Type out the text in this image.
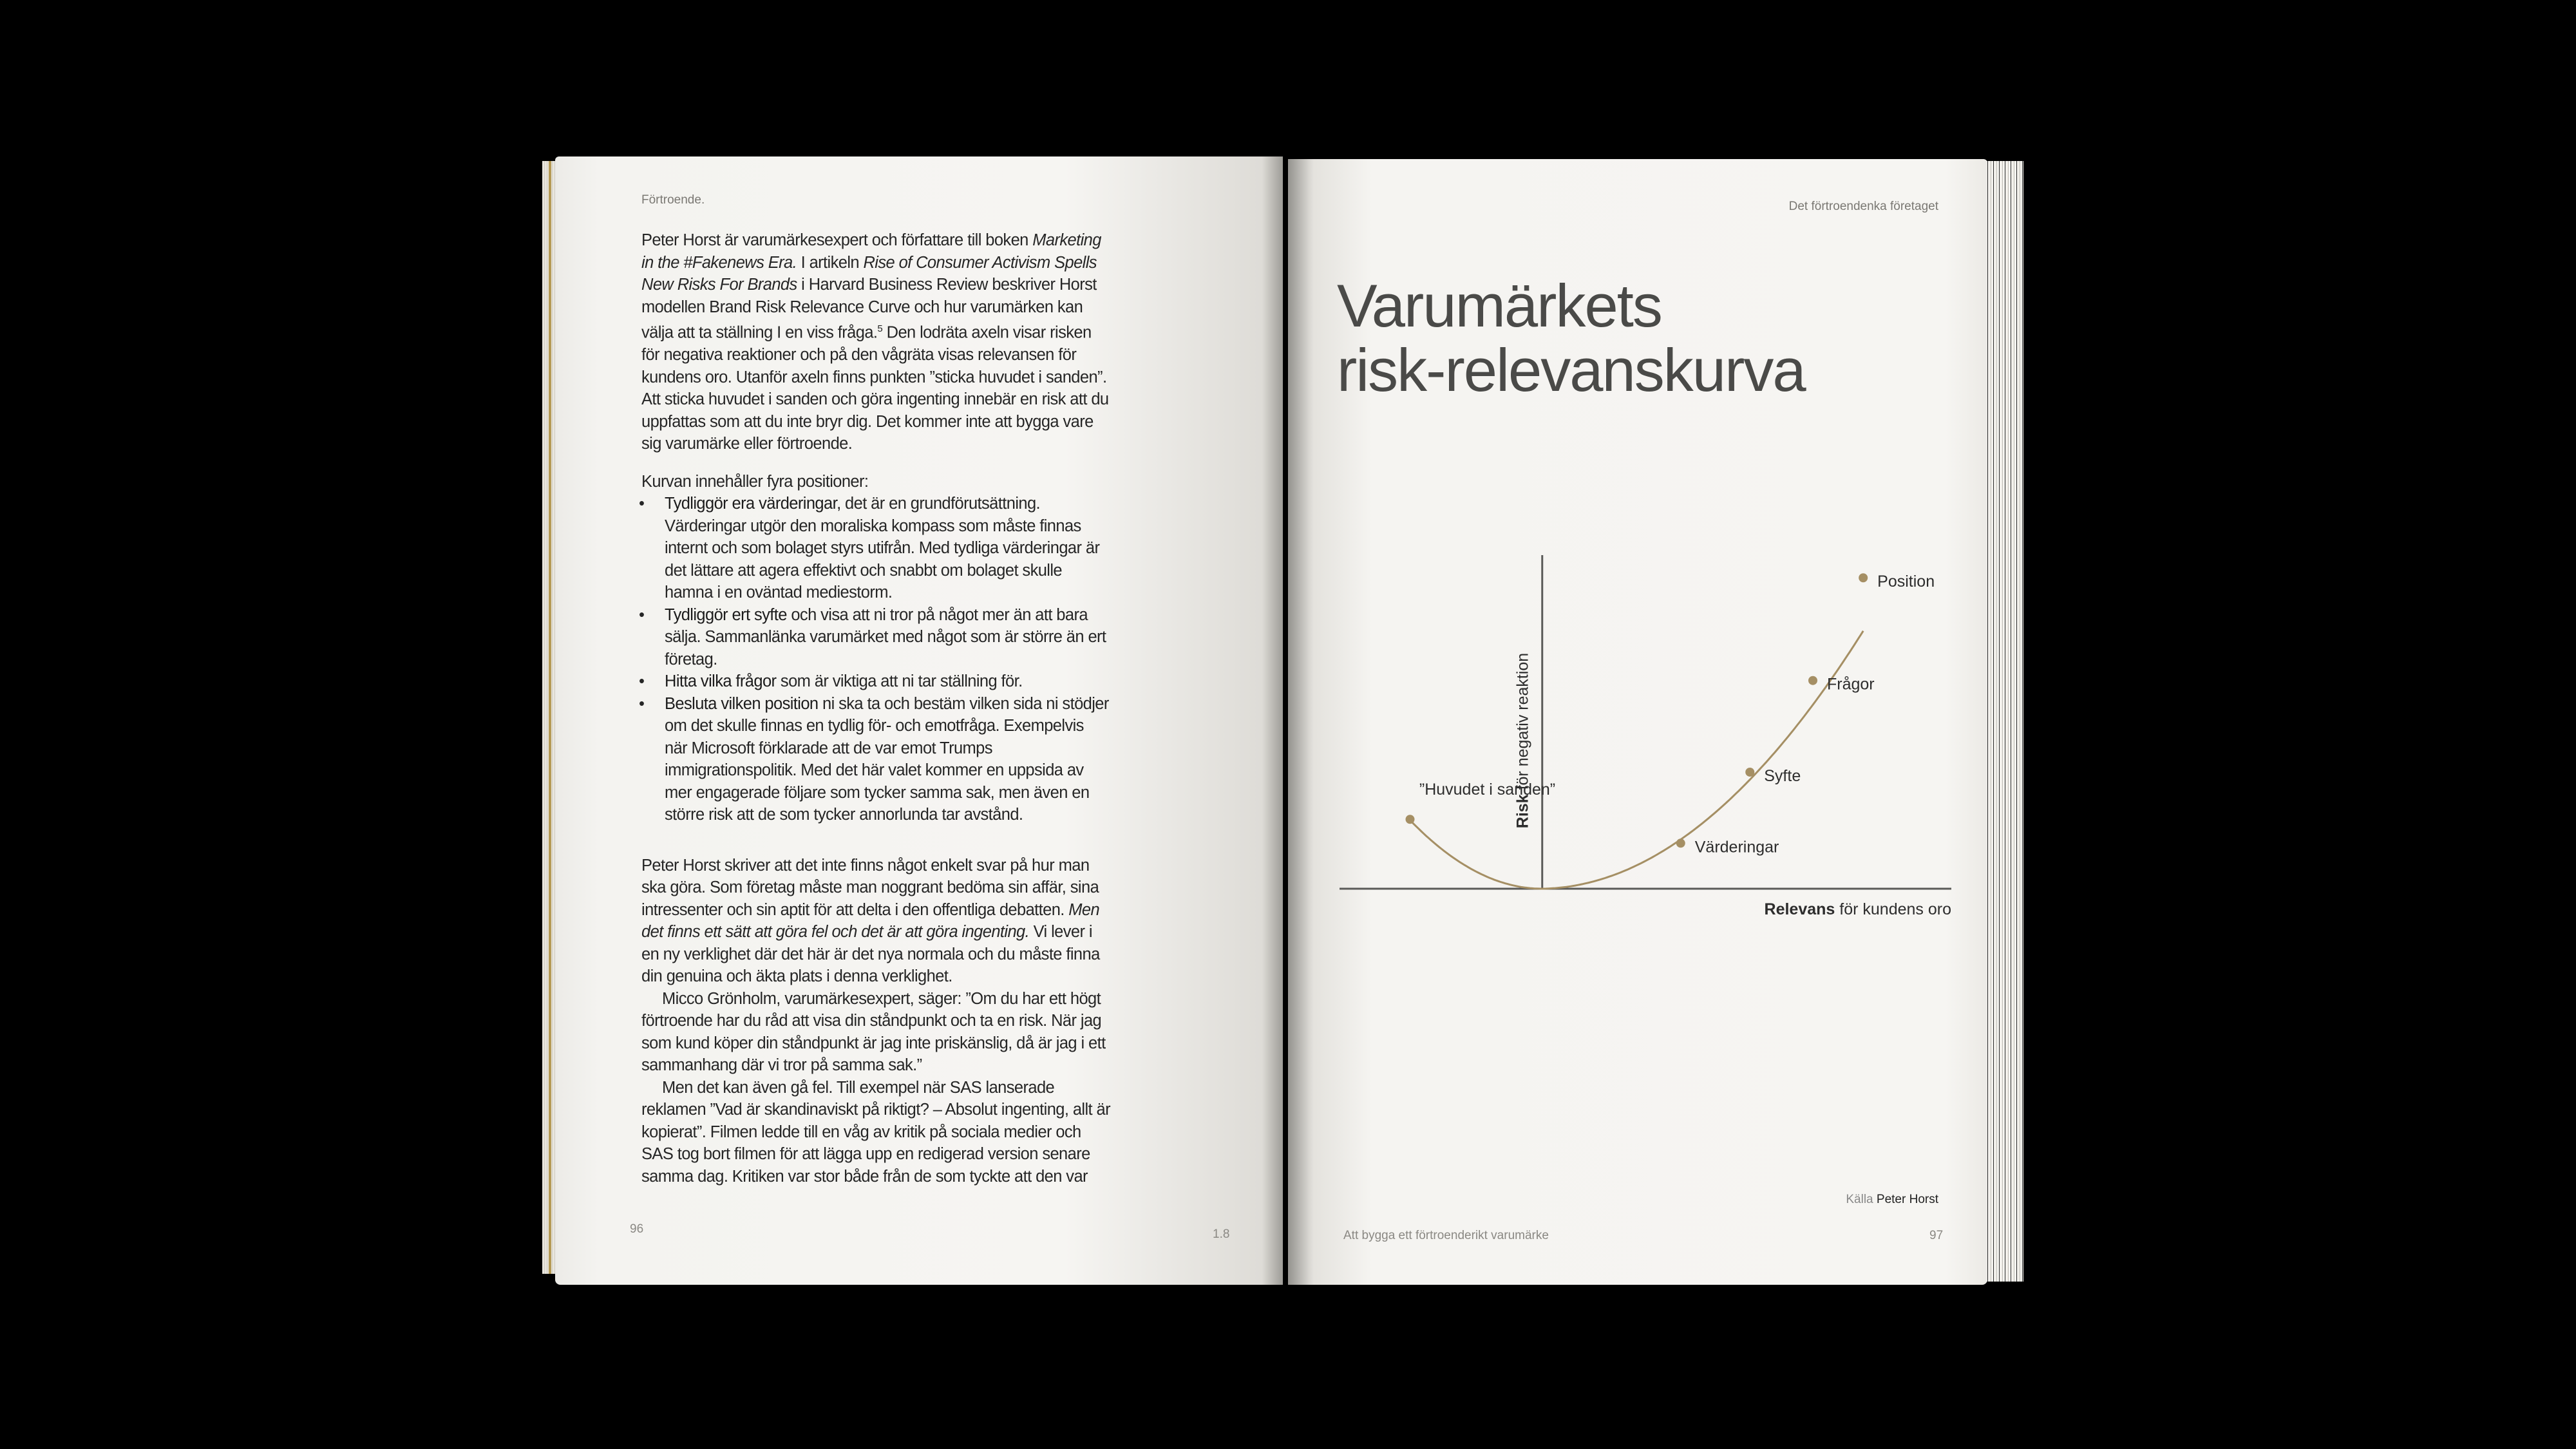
Förtroende.

Peter Horst är varumärkesexpert och författare till boken Marketing in the #Fakenews Era. I artikeln Rise of Consumer Activism Spells New Risks For Brands i Harvard Business Review beskriver Horst modellen Brand Risk Relevance Curve och hur varumärken kan välja att ta ställning I en viss fråga.$^5$ Den lodräta axeln visar risken för negativa reaktioner och på den vågräta visas relevansen för kundens oro. Utanför axeln finns punkten ”sticka huvudet i sanden”. Att sticka huvudet i sanden och göra ingenting innebär en risk att du uppfattas som att du inte bryr dig. Det kommer inte att bygga vare sig varumärke eller förtroende.

Kurvan innehåller fyra positioner:

• Tydliggör era värderingar, det är en grundförutsättning. Värderingar utgör den moraliska kompass som måste finnas internt och som bolaget styrs utifrån. Med tydliga värderingar är det lättare att agera effektivt och snabbt om bolaget skulle hamna i en oväntad mediestorm.
• Tydliggör ert syfte och visa att ni tror på något mer än att bara sälja. Sammanlänka varumärket med något som är större än ert företag.
• Hitta vilka frågor som är viktiga att ni tar ställning för.
• Besluta vilken position ni ska ta och bestäm vilken sida ni stödjer om det skulle finnas en tydlig för- och emotfråga. Exempelvis när Microsoft förklarade att de var emot Trumps immigrationspolitik. Med det här valet kommer en uppsida av mer engagerade följare som tycker samma sak, men även en större risk att de som tycker annorlunda tar avstånd.

Peter Horst skriver att det inte finns något enkelt svar på hur man ska göra. Som företag måste man noggrant bedöma sin affär, sina intressenter och sin aptit för att delta i den offentliga debatten. Men det finns ett sätt att göra fel och det är att göra ingenting. Vi lever i en ny verklighet där det här är det nya normala och du måste finna din genuina och äkta plats i denna verklighet.

Micco Grönholm, varumärkesexpert, säger: ”Om du har ett högt förtroende har du råd att visa din ståndpunkt och ta en risk. När jag som kund köper din ståndpunkt är jag inte priskänslig, då är jag i ett sammanhang där vi tror på samma sak.”

Men det kan även gå fel. Till exempel när SAS lanserade reklamen ”Vad är skandinaviskt på riktigt? – Absolut ingenting, allt är kopierat”. Filmen ledde till en våg av kritik på sociala medier och SAS tog bort filmen för att lägga upp en redigerad version senare samma dag. Kritiken var stor både från de som tyckte att den var

96	1.8
Det förtroendenka företaget
Varumärkets
risk-relevanskurva
”Huvudet i sanden”
Värderingar
Syfte
Frågor
Position
Risk för negativ reaktion
Relevans för kundens oro
Källa Peter Horst
Att bygga ett förtroenderikt varumärke	97
